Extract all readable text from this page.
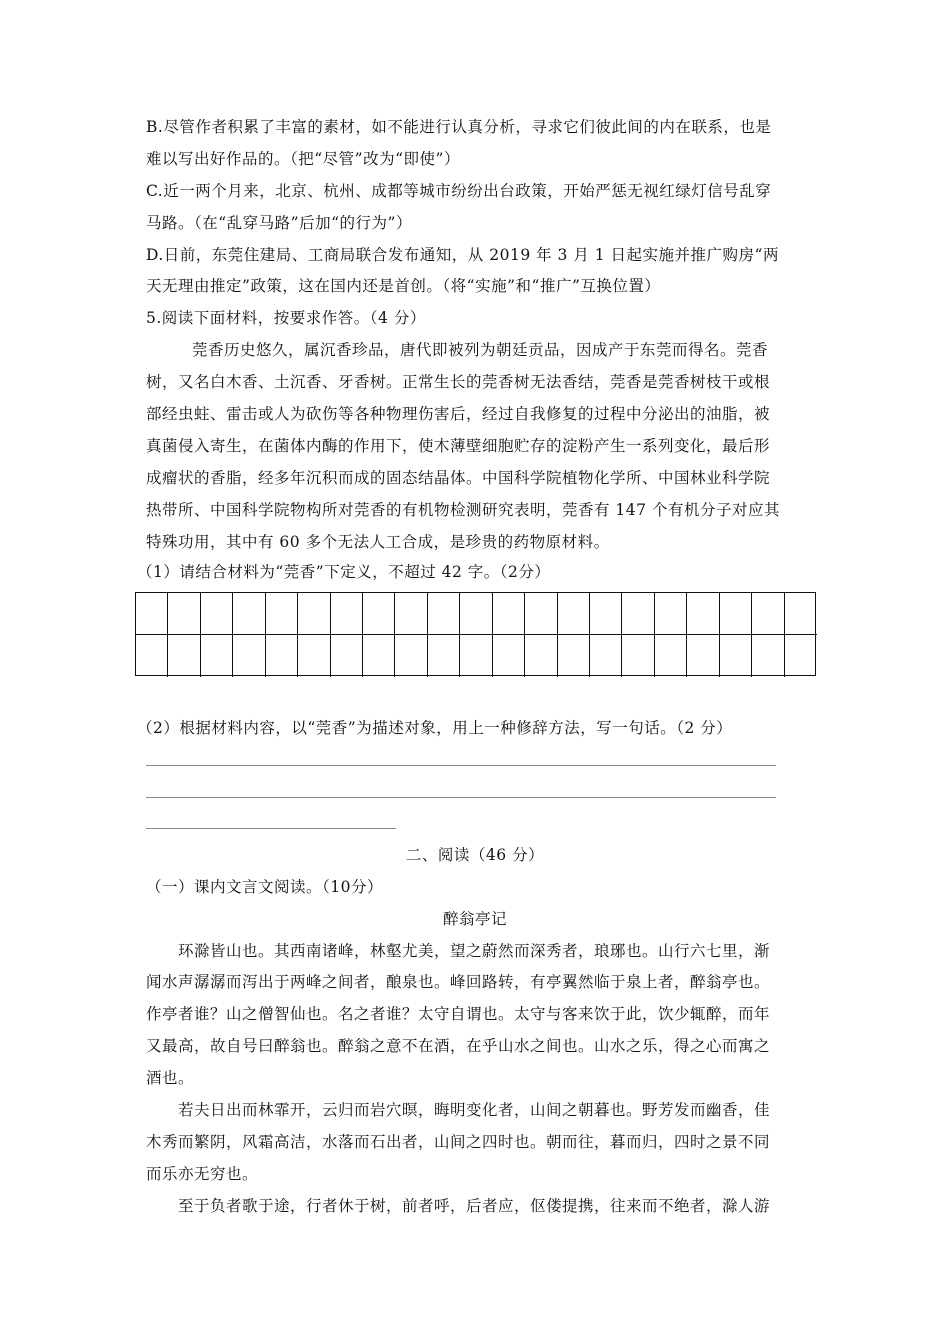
B.尽管作者积累了丰富的素材，如不能进行认真分析，寻求它们彼此间的内在联系，也是
难以写出好作品的。（把“尽管”改为“即使”）
C.近一两个月来，北京、杭州、成都等城市纷纷出台政策，开始严惩无视红绿灯信号乱穿
马路。（在“乱穿马路”后加“的行为”）
D.日前，东莞住建局、工商局联合发布通知，从 2019 年 3 月 1 日起实施并推广购房“两
天无理由推定”政策，这在国内还是首创。（将“实施”和“推广”互换位置）
5.阅读下面材料，按要求作答。（4 分）
莞香历史悠久，属沉香珍品，唐代即被列为朝廷贡品，因成产于东莞而得名。莞香
树，又名白木香、土沉香、牙香树。正常生长的莞香树无法香结，莞香是莞香树枝干或根
部经虫蛀、雷击或人为砍伤等各种物理伤害后，经过自我修复的过程中分泌出的油脂，被
真菌侵入寄生，在菌体内酶的作用下，使木薄壁细胞贮存的淀粉产生一系列变化，最后形
成瘤状的香脂，经多年沉积而成的固态结晶体。中国科学院植物化学所、中国林业科学院
热带所、中国科学院物构所对莞香的有机物检测研究表明，莞香有 147 个有机分子对应其
特殊功用，其中有 60 多个无法人工合成，是珍贵的药物原材料。
（1）请结合材料为“莞香”下定义，不超过 42 字。（2分）
（2）根据材料内容，以“莞香”为描述对象，用上一种修辞方法，写一句话。（2 分）
二、阅读（46 分）
（一）课内文言文阅读。（10分）
醉翁亭记
环滁皆山也。其西南诸峰，林壑尤美，望之蔚然而深秀者，琅琊也。山行六七里，渐
闻水声潺潺而泻出于两峰之间者，酿泉也。峰回路转，有亭翼然临于泉上者，醉翁亭也。
作亭者谁？山之僧智仙也。名之者谁？太守自谓也。太守与客来饮于此，饮少辄醉，而年
又最高，故自号曰醉翁也。醉翁之意不在酒，在乎山水之间也。山水之乐，得之心而寓之
酒也。
若夫日出而林霏开，云归而岩穴暝，晦明变化者，山间之朝暮也。野芳发而幽香，佳
木秀而繁阴，风霜高洁，水落而石出者，山间之四时也。朝而往，暮而归，四时之景不同
而乐亦无穷也。
至于负者歌于途，行者休于树，前者呼，后者应，伛偻提携，往来而不绝者，滁人游
